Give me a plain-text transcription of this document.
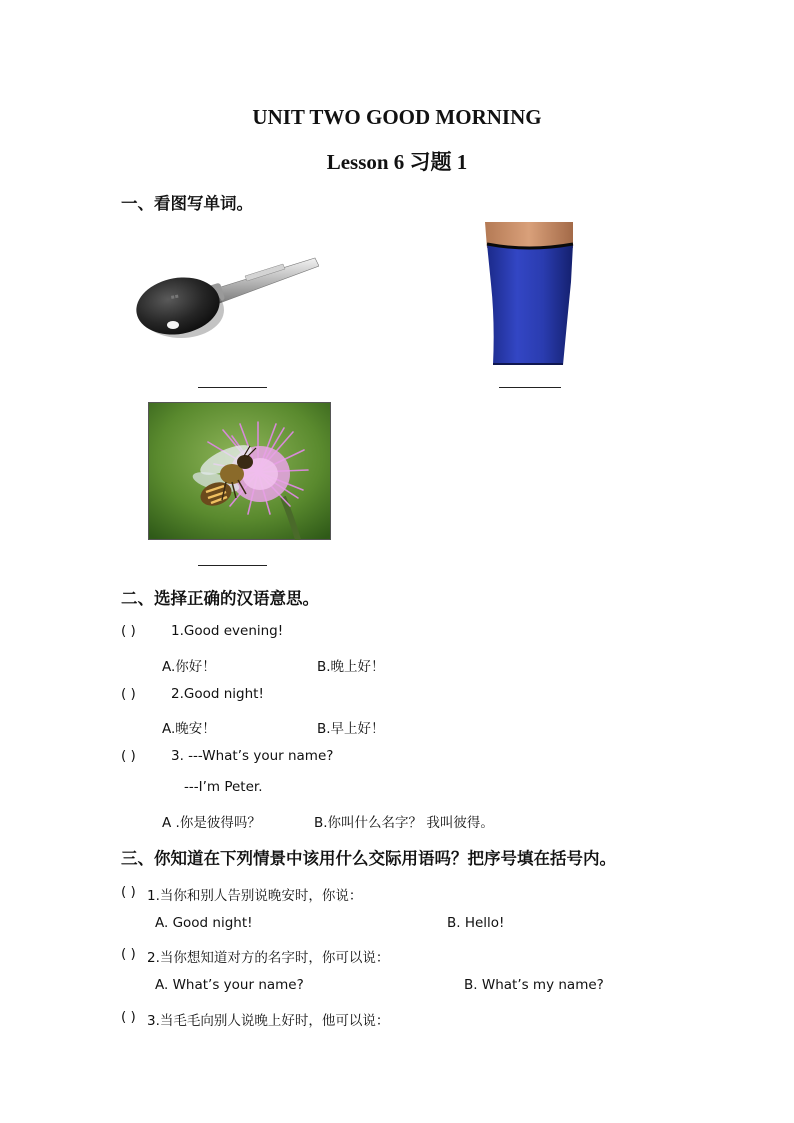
UNIT TWO GOOD MORNING
Lesson 6 习题 1
一、看图写单词。
▪▪
二、选择正确的汉语意思。
( )	1.Good evening!
A.你好！	B.晚上好！
( )	2.Good night!
A.晚安！	B.早上好！
( )	3. ---What’s your name?
---I’m Peter.
A .你是彼得吗？	B.你叫什么名字？ 我叫彼得。
三、你知道在下列情景中该用什么交际用语吗？把序号填在括号内。
( ) 1.当你和别人告别说晚安时，你说：
A. Good night!	B. Hello!
( ) 2.当你想知道对方的名字时，你可以说：
A. What’s your name?	B. What’s my name?
( ) 3.当毛毛向别人说晚上好时，他可以说：
